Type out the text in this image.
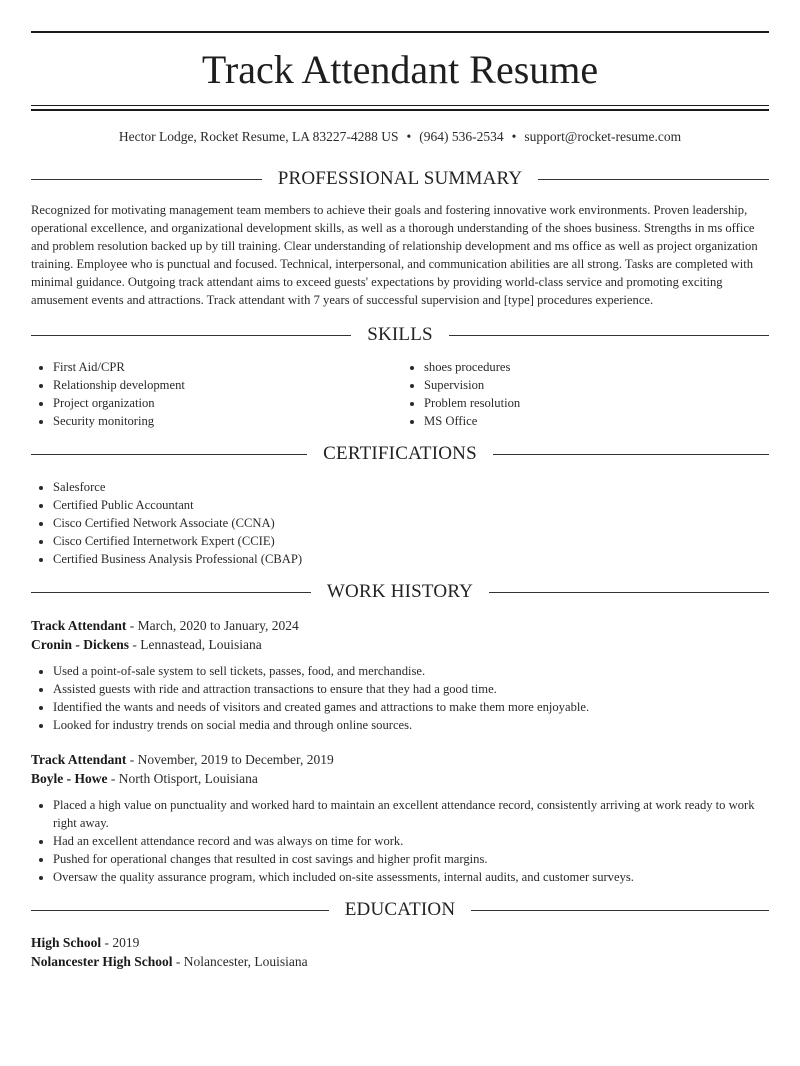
Track Attendant Resume
Hector Lodge, Rocket Resume, LA 83227-4288 US • (964) 536-2534 • support@rocket-resume.com
PROFESSIONAL SUMMARY

Recognized for motivating management team members to achieve their goals and fostering innovative work environments. Proven leadership, operational excellence, and organizational development skills, as well as a thorough understanding of the shoes business. Strengths in ms office and problem resolution backed up by till training. Clear understanding of relationship development and ms office as well as project organization training. Employee who is punctual and focused. Technical, interpersonal, and communication abilities are all strong. Tasks are completed with minimal guidance. Outgoing track attendant aims to exceed guests' expectations by providing world-class service and promoting exciting amusement events and attractions. Track attendant with 7 years of successful supervision and [type] procedures experience.

SKILLS
• First Aid/CPR
• Relationship development
• Project organization
• Security monitoring
• shoes procedures
• Supervision
• Problem resolution
• MS Office
CERTIFICATIONS
• Salesforce
• Certified Public Accountant
• Cisco Certified Network Associate (CCNA)
• Cisco Certified Internetwork Expert (CCIE)
• Certified Business Analysis Professional (CBAP)
WORK HISTORY
Track Attendant - March, 2020 to January, 2024
Cronin - Dickens - Lennastead, Louisiana
• Used a point-of-sale system to sell tickets, passes, food, and merchandise.
• Assisted guests with ride and attraction transactions to ensure that they had a good time.
• Identified the wants and needs of visitors and created games and attractions to make them more enjoyable.
• Looked for industry trends on social media and through online sources.
Track Attendant - November, 2019 to December, 2019
Boyle - Howe - North Otisport, Louisiana
• Placed a high value on punctuality and worked hard to maintain an excellent attendance record, consistently arriving at work ready to work right away.
• Had an excellent attendance record and was always on time for work.
• Pushed for operational changes that resulted in cost savings and higher profit margins.
• Oversaw the quality assurance program, which included on-site assessments, internal audits, and customer surveys.
EDUCATION
High School - 2019
Nolancester High School - Nolancester, Louisiana
